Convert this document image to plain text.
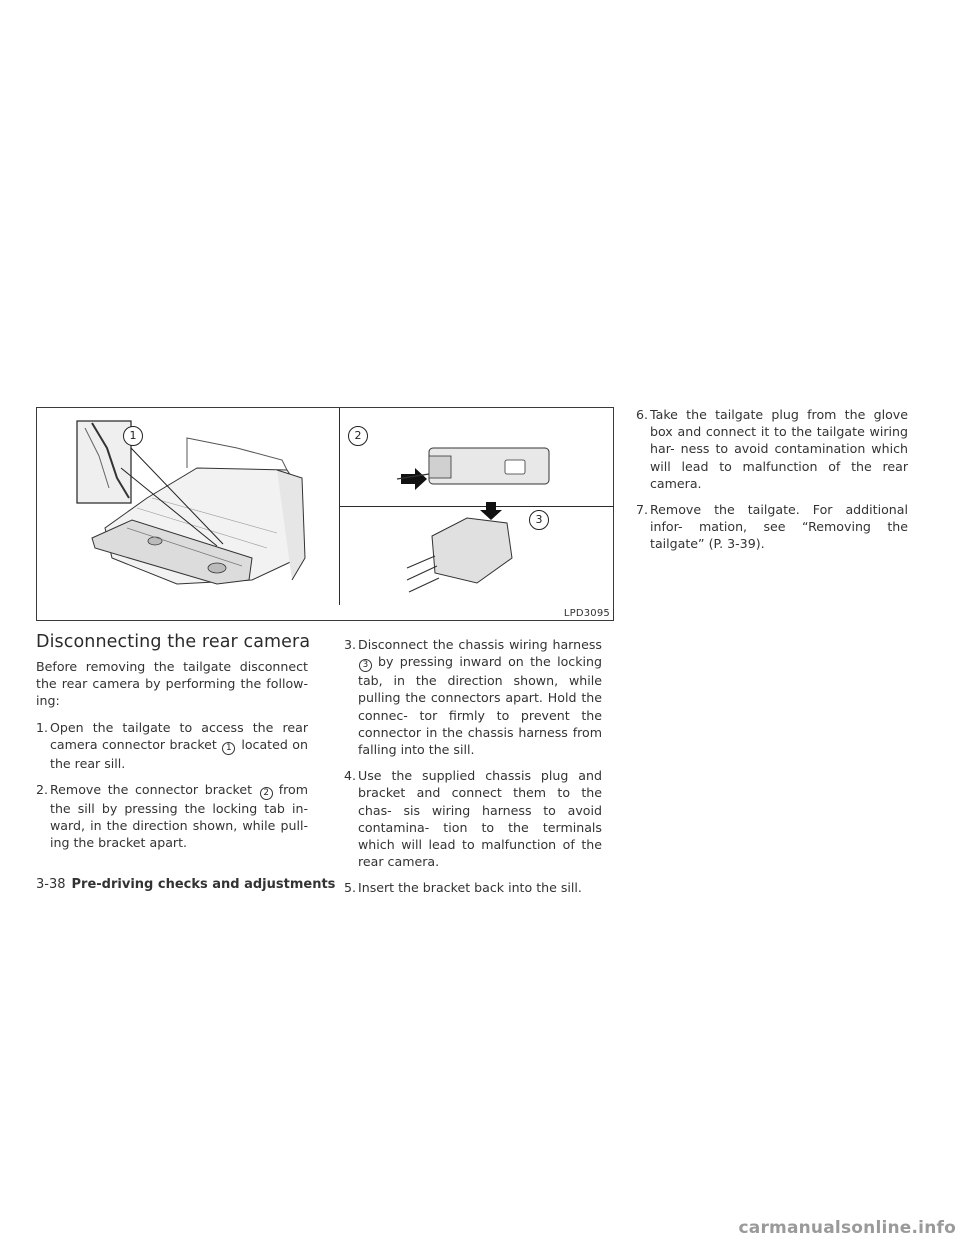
1	2
3
LPD3095
Disconnecting the rear camera

Before removing the tailgate disconnect the rear camera by performing the follow- ing:

1. Open the tailgate to access the rear camera connector bracket 1 located on the rear sill.
2. Remove the connector bracket 2 from the sill by pressing the locking tab in- ward, in the direction shown, while pull- ing the bracket apart.
3. Disconnect the chassis wiring harness 3 by pressing inward on the locking tab, in the direction shown, while pulling the connectors apart. Hold the connec- tor firmly to prevent the connector in the chassis harness from falling into the sill.
4. Use the supplied chassis plug and bracket and connect them to the chas- sis wiring harness to avoid contamina- tion to the terminals which will lead to malfunction of the rear camera.
5. Insert the bracket back into the sill.
6. Take the tailgate plug from the glove box and connect it to the tailgate wiring har- ness to avoid contamination which will lead to malfunction of the rear camera.
7. Remove the tailgate. For additional infor- mation, see “Removing the tailgate” (P. 3-39).
3-38 Pre-driving checks and adjustments
carmanualsonline.info
